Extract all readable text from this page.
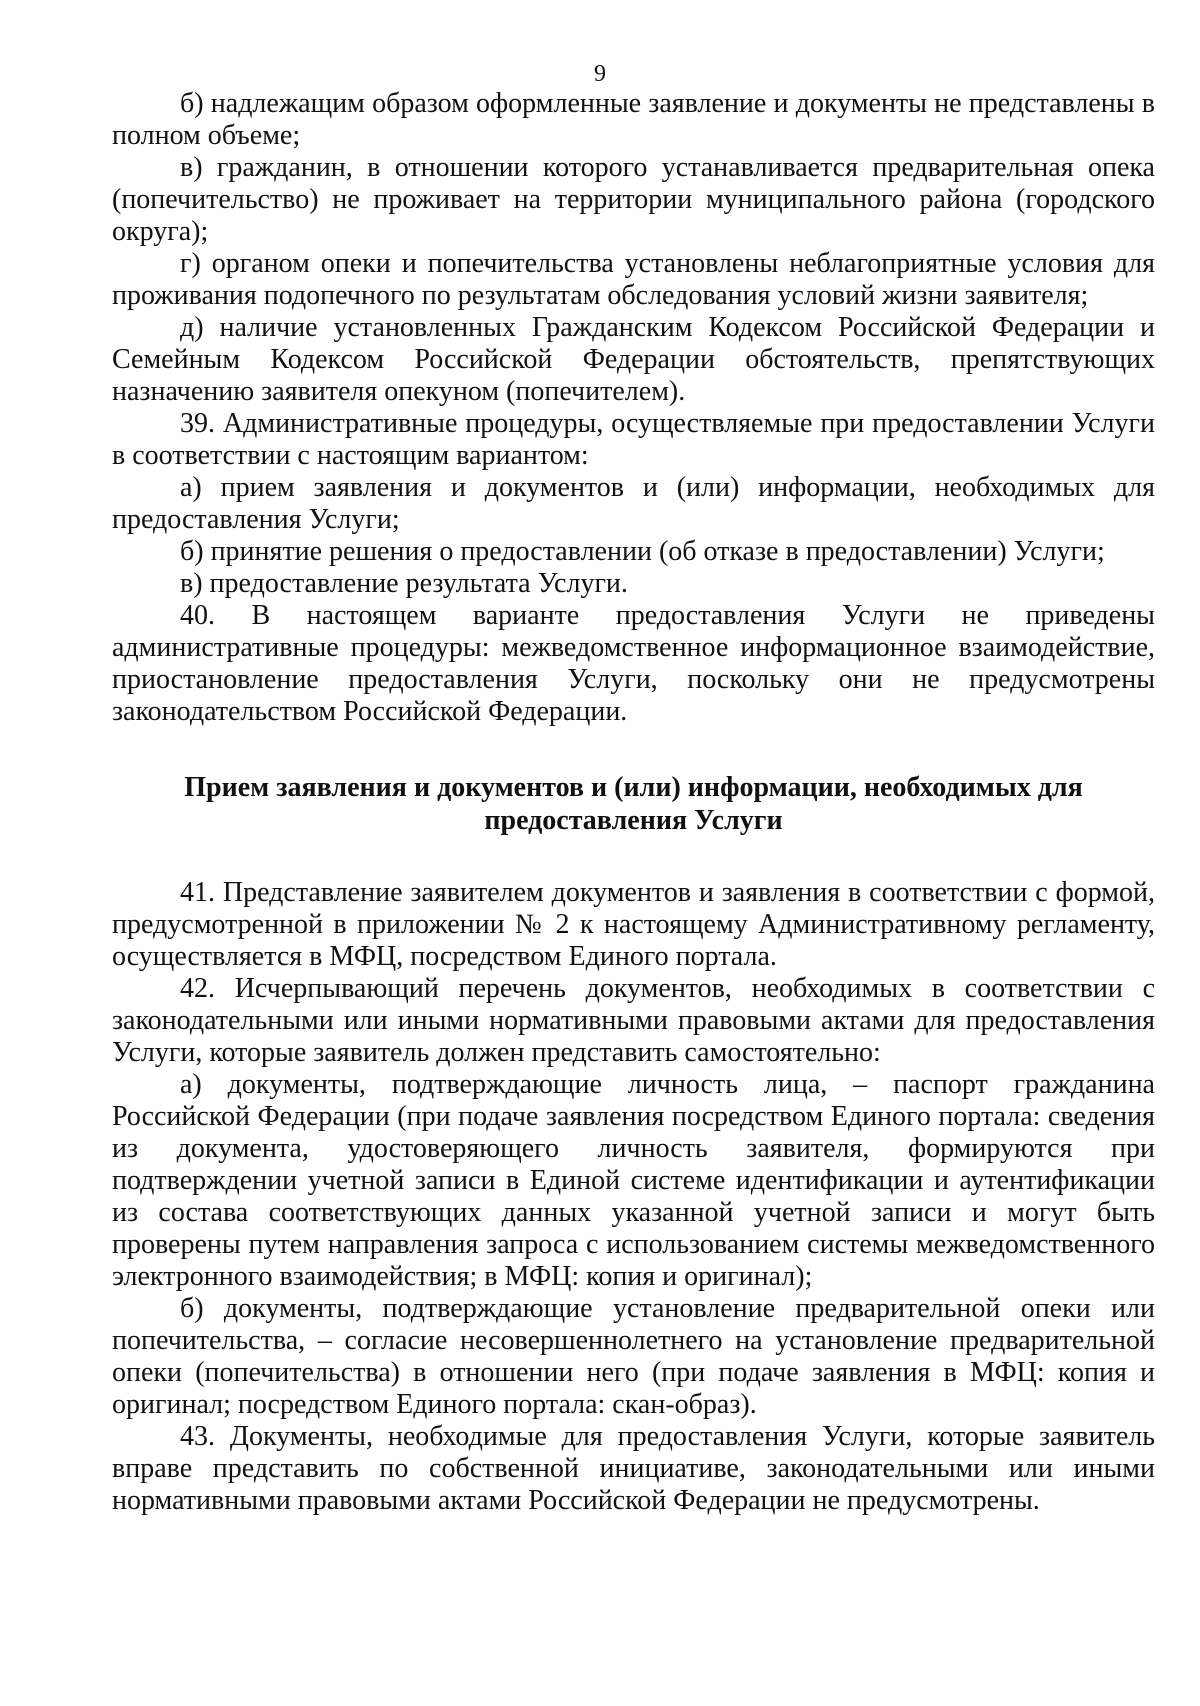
9

б) надлежащим образом оформленные заявление и документы не представлены в полном объеме;

в) гражданин, в отношении которого устанавливается предварительная опека (попечительство) не проживает на территории муниципального района (городского округа);

г) органом опеки и попечительства установлены неблагоприятные условия для проживания подопечного по результатам обследования условий жизни заявителя;

д) наличие установленных Гражданским Кодексом Российской Федерации и Семейным Кодексом Российской Федерации обстоятельств, препятствующих назначению заявителя опекуном (попечителем).

39. Административные процедуры, осуществляемые при предоставлении Услуги в соответствии с настоящим вариантом:

а) прием заявления и документов и (или) информации, необходимых для предоставления Услуги;

б) принятие решения о предоставлении (об отказе в предоставлении) Услуги;

в) предоставление результата Услуги.

40. В настоящем варианте предоставления Услуги не приведены административные процедуры: межведомственное информационное взаимодействие, приостановление предоставления Услуги, поскольку они не предусмотрены законодательством Российской Федерации.

Прием заявления и документов и (или) информации, необходимых для
предоставления Услуги

41. Представление заявителем документов и заявления в соответствии с формой, предусмотренной в приложении № 2 к настоящему Административному регламенту, осуществляется в МФЦ, посредством Единого портала.

42. Исчерпывающий перечень документов, необходимых в соответствии с законодательными или иными нормативными правовыми актами для предоставления Услуги, которые заявитель должен представить самостоятельно:

а) документы, подтверждающие личность лица, – паспорт гражданина Российской Федерации (при подаче заявления посредством Единого портала: сведения из документа, удостоверяющего личность заявителя, формируются при подтверждении учетной записи в Единой системе идентификации и аутентификации из состава соответствующих данных указанной учетной записи и могут быть проверены путем направления запроса с использованием системы межведомственного электронного взаимодействия; в МФЦ: копия и оригинал);

б) документы, подтверждающие установление предварительной опеки или попечительства, – согласие несовершеннолетнего на установление предварительной опеки (попечительства) в отношении него (при подаче заявления в МФЦ: копия и оригинал; посредством Единого портала: скан-образ).

43. Документы, необходимые для предоставления Услуги, которые заявитель вправе представить по собственной инициативе, законодательными или иными нормативными правовыми актами Российской Федерации не предусмотрены.
